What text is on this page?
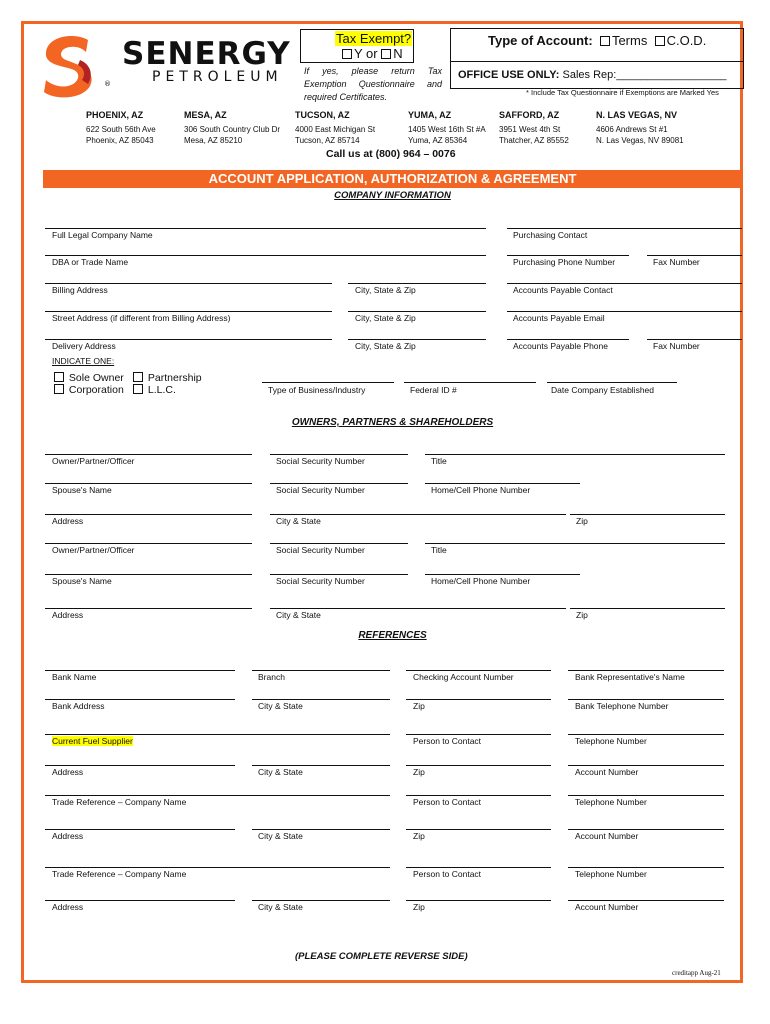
SENERGY
PETROLEUM
®
Tax Exempt?
Y or N
If yes, please return Tax Exemption Questionnaire and required Certificates.
Type of Account: Terms C.O.D.
OFFICE USE ONLY: Sales Rep:__________________
* Include Tax Questionnaire if Exemptions are Marked Yes
PHOENIX, AZ
622 South 56th Ave
Phoenix, AZ 85043
MESA, AZ
306 South Country Club Dr
Mesa, AZ 85210
TUCSON, AZ
4000 East Michigan St
Tucson, AZ 85714
YUMA, AZ
1405 West 16th St #A
Yuma, AZ 85364
SAFFORD, AZ
3951 West 4th St
Thatcher, AZ 85552
N. LAS VEGAS, NV
4606 Andrews St #1
N. Las Vegas, NV 89081
Call us at (800) 964 – 0076
ACCOUNT APPLICATION, AUTHORIZATION & AGREEMENT
COMPANY INFORMATION
Full Legal Company Name	Purchasing Contact
DBA or Trade Name	Purchasing Phone Number	Fax Number
Billing Address	City, State & Zip	Accounts Payable Contact
Street Address (if different from Billing Address)	City, State & Zip	Accounts Payable Email
Delivery Address	City, State & Zip	Accounts Payable Phone	Fax Number
INDICATE ONE:
Sole Owner	Partnership
Corporation	L.L.C.	Type of Business/Industry	Federal ID #	Date Company Established
OWNERS, PARTNERS & SHAREHOLDERS
Owner/Partner/Officer	Social Security Number	Title
Spouse's Name	Social Security Number	Home/Cell Phone Number
Address	City & State	Zip
Owner/Partner/Officer	Social Security Number	Title
Spouse's Name	Social Security Number	Home/Cell Phone Number
Address	City & State	Zip
REFERENCES
Bank Name	Branch	Checking Account Number	Bank Representative's Name
Bank Address	City & State	Zip	Bank Telephone Number
Current Fuel Supplier	Person to Contact	Telephone Number
Address	City & State	Zip	Account Number
Trade Reference – Company Name	Person to Contact	Telephone Number
Address	City & State	Zip	Account Number
Trade Reference – Company Name	Person to Contact	Telephone Number
Address	City & State	Zip	Account Number
(PLEASE COMPLETE REVERSE SIDE)
creditapp Aug-21
